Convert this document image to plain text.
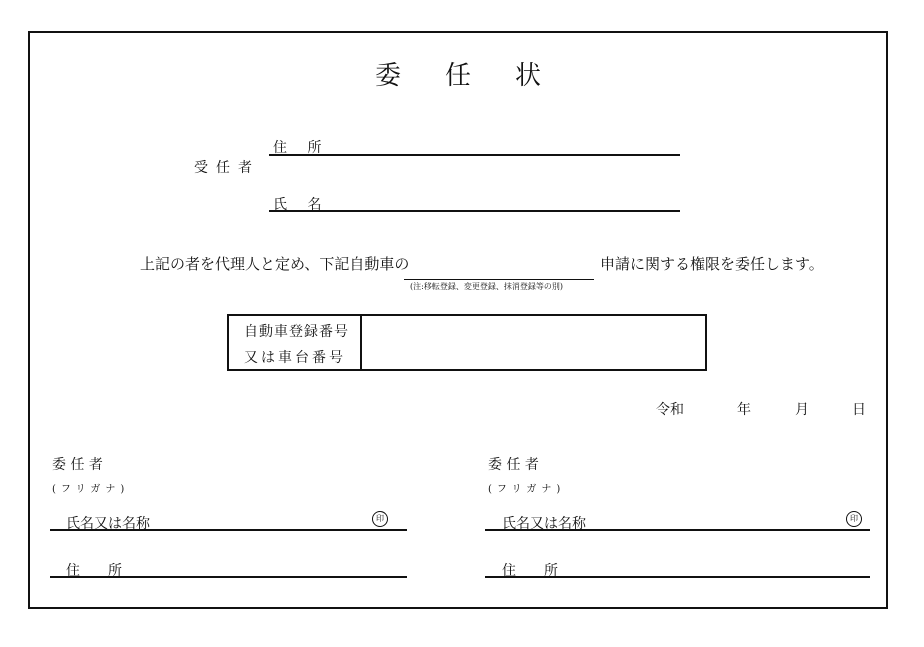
委 任 状
受任者
住 所
氏 名
上記の者を代理人と定め、下記自動車の
(注:移転登録、変更登録、抹消登録等の別)
申請に関する権限を委任します。
自動車登録番号
又は車台番号
令和	年	月	日
委 任 者
(フリガナ)
氏名又は名称	印
住　　所
委 任 者
(フリガナ)
氏名又は名称	印
住　　所
